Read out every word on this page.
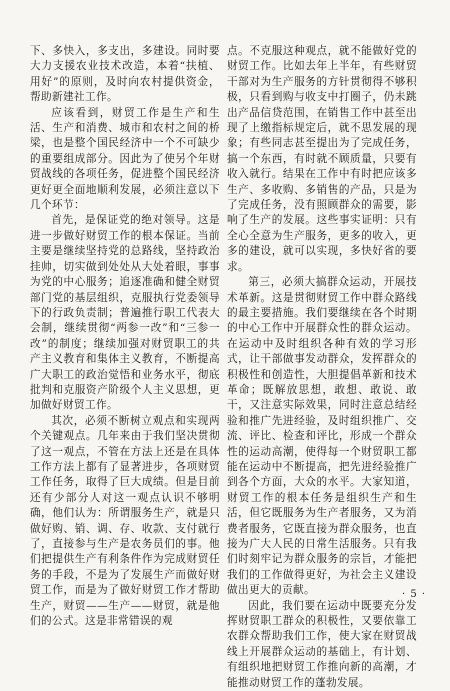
下、多快入，多支出，多建设。同时要大力支援农业技术改造，本着“扶植、用好”的原则，及时向农村提供资金，帮助新建社工作。

应该看到，财贸工作是生产和生活、生产和消费、城市和农村之间的桥梁，也是整个国民经济中一个不可缺少的重要组成部分。因此为了使另个年财贸战线的各项任务，促进整个国民经济更好更全面地顺利发展，必须注意以下几个环节：

首先，是保证党的绝对领导。这是进一步做好财贸工作的根本保证。当前主要是继续坚持党的总路线，坚持政治挂帅，切实做到处处从大处着眼，事事为党的中心服务；追逐准确和健全财贸部门党的基层组织，克服执行党委领导下的行政负责制；普遍推行职工代表大会制，继续贯彻“两参一改”和“三参一改”的制度；继续加强对财贸职工的共产主义教育和集体主义教育，不断提高广大职工的政治觉悟和业务水平，彻底批判和克服资产阶级个人主义思想，更加做好财贸工作。

其次，必须不断树立观点和实现两个关键观点。几年来由于我们坚决贯彻了这一观点，不管在方法上还是在具体工作方法上都有了显著进步，各项财贸工作任务，取得了巨大成绩。但是目前还有少部分人对这一观点认识不够明确，他们认为：所谓服务生产，就是只做好购、销、调、存、收款、支付就行了，直接参与生产是农务员们的事。他们把提供生产有利条件作为完成财贸任务的手段，不是为了发展生产而做好财贸工作，而是为了做好财贸工作才帮助生产，财贸——生产——财贸，就是他们的公式。这是非常错误的观

点。不克服这种观点，就不能做好党的财贸工作。比如去年上半年，有些财贸干部对为生产服务的方针贯彻得不够积极，只看到购与收支中打圈子，仍未跳出产品信贷范围，在销售工作中甚至出现了上缴指标规定后，就不思发展的现象；有些同志甚至提出为了完成任务，搞一个东西，有时就不顾质量，只要有收入就行。结果在工作中有时把应该多生产、多收购、多销售的产品，只是为了完成任务，没有照顾群众的需要，影响了生产的发展。这些事实证明：只有全心全意为生产服务，更多的收入，更多的建设，就可以实现，多快好省的要求。

第三，必须大搞群众运动，开展技术革新。这是贯彻财贸工作中群众路线的最主要措施。我们要继续在各个时期的中心工作中开展群众性的群众运动。在运动中及时组织各种有效的学习形式，让干部做事发动群众，发挥群众的积极性和创造性，大胆提倡革新和技术革命；既解放思想，敢想、敢说、敢干，又注意实际效果，同时注意总结经验和推广先进经验，及时组织推广、交流、评比、检查和评比，形成一个群众性的运动高潮，使得每一个财贸职工都能在运动中不断提高，把先进经验推广到各个方面，大众的水平。大家知道，财贸工作的根本任务是组织生产和生活，但它既服务为生产者服务，又为消费者服务，它既直接为群众服务，也直接为广大人民的日常生活服务。只有我们时刻牢记为群众服务的宗旨，才能把我们的工作做得更好，为社会主义建设做出更大的贡献。

因此，我们要在运动中既要充分发挥财贸职工群众的积极性，又要依靠工农群众帮助我们工作，使大家在财贸战线上开展群众运动的基础上，有计划、有组织地把财贸工作推向新的高潮，才能推动财贸工作的蓬勃发展。

· 5 ·
